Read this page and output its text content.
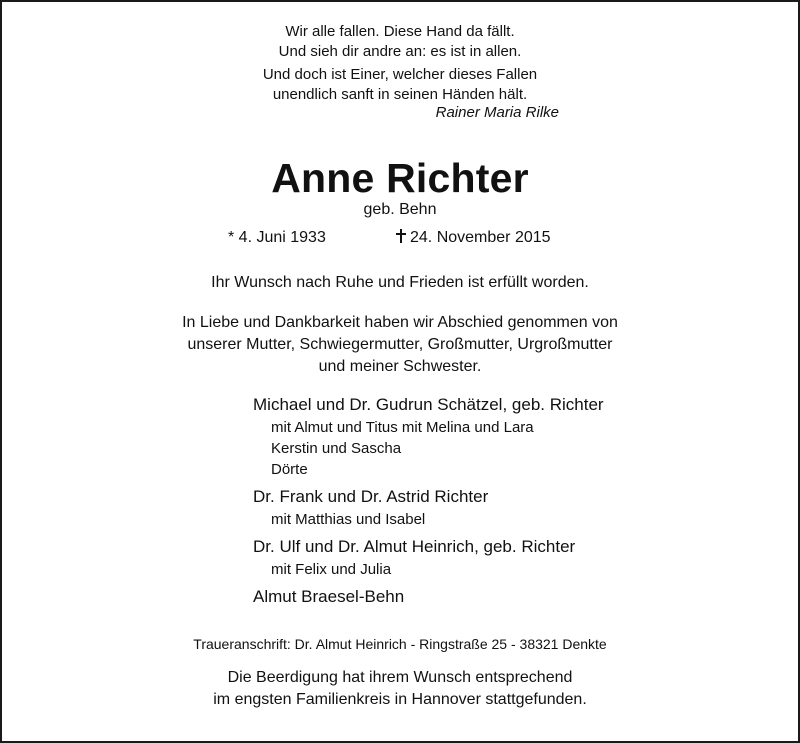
Wir alle fallen. Diese Hand da fällt.
Und sieh dir andre an: es ist in allen.
Und doch ist Einer, welcher dieses Fallen
unendlich sanft in seinen Händen hält.
Rainer Maria Rilke
Anne Richter
geb. Behn
* 4. Juni 1933	24. November 2015
Ihr Wunsch nach Ruhe und Frieden ist erfüllt worden.
In Liebe und Dankbarkeit haben wir Abschied genommen von
unserer Mutter, Schwiegermutter, Großmutter, Urgroßmutter
und meiner Schwester.
Michael und Dr. Gudrun Schätzel, geb. Richter
mit Almut und Titus mit Melina und Lara
Kerstin und Sascha
Dörte
Dr. Frank und Dr. Astrid Richter
mit Matthias und Isabel
Dr. Ulf und Dr. Almut Heinrich, geb. Richter
mit Felix und Julia
Almut Braesel-Behn
Traueranschrift: Dr. Almut Heinrich - Ringstraße 25 - 38321 Denkte
Die Beerdigung hat ihrem Wunsch entsprechend
im engsten Familienkreis in Hannover stattgefunden.
